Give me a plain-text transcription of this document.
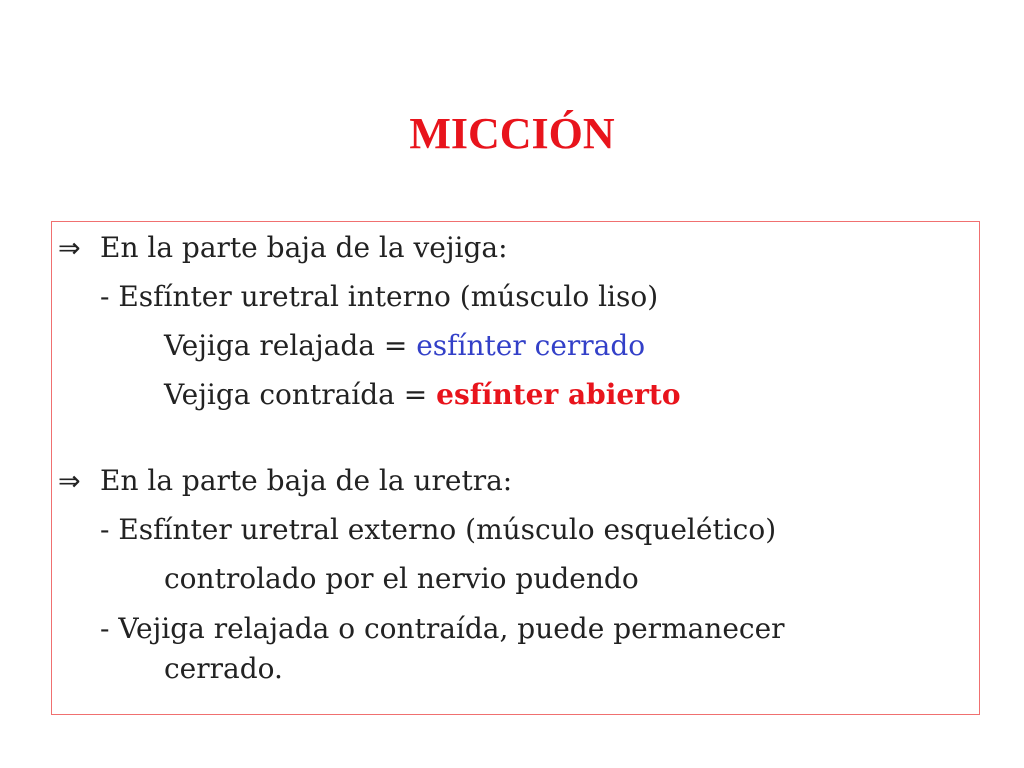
MICCIÓN

⇒ En la parte baja de la vejiga:

- Esfínter uretral interno (músculo liso)

Vejiga relajada = esfínter cerrado

Vejiga contraída = esfínter abierto

⇒ En la parte baja de la uretra:

- Esfínter uretral externo (músculo esquelético)

controlado por el nervio pudendo

- Vejiga relajada o contraída, puede permanecer

cerrado.
